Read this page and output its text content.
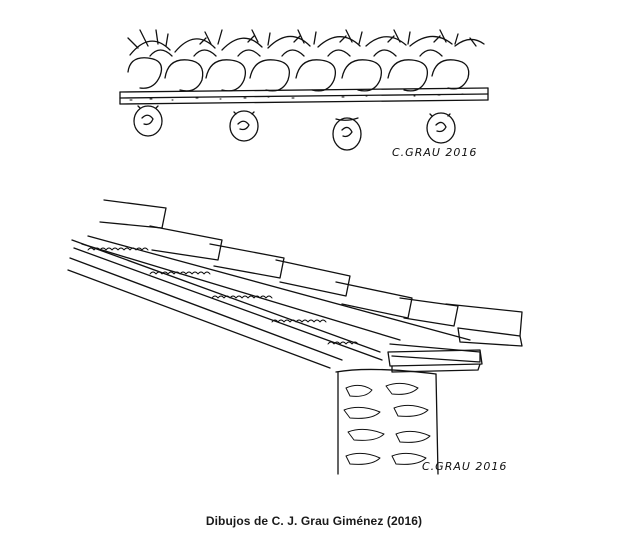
C.GRAU 2016
C.GRAU 2016
Dibujos de C. J. Grau Giménez (2016)
